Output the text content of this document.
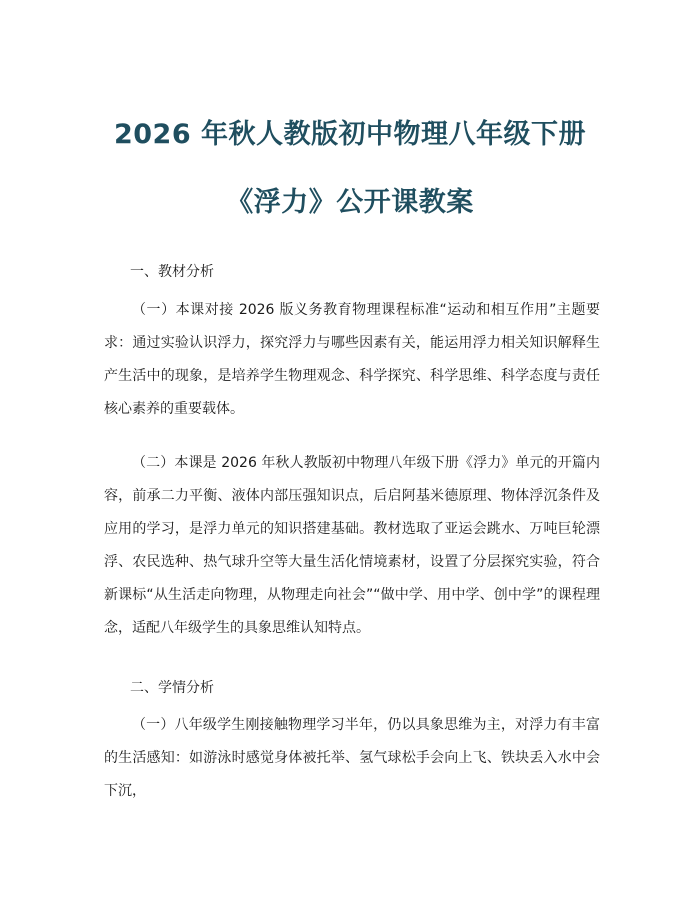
2026 年秋人教版初中物理八年级下册
《浮力》公开课教案
一、教材分析

（一）本课对接 2026 版义务教育物理课程标准“运动和相互作用”主题要求：通过实验认识浮力，探究浮力与哪些因素有关，能运用浮力相关知识解释生产生活中的现象，是培养学生物理观念、科学探究、科学思维、科学态度与责任核心素养的重要载体。

（二）本课是 2026 年秋人教版初中物理八年级下册《浮力》单元的开篇内容，前承二力平衡、液体内部压强知识点，后启阿基米德原理、物体浮沉条件及应用的学习，是浮力单元的知识搭建基础。教材选取了亚运会跳水、万吨巨轮漂浮、农民选种、热气球升空等大量生活化情境素材，设置了分层探究实验，符合新课标“从生活走向物理，从物理走向社会”“做中学、用中学、创中学”的课程理念，适配八年级学生的具象思维认知特点。

二、学情分析

（一）八年级学生刚接触物理学习半年，仍以具象思维为主，对浮力有丰富的生活感知：如游泳时感觉身体被托举、氢气球松手会向上飞、铁块丢入水中会下沉，
